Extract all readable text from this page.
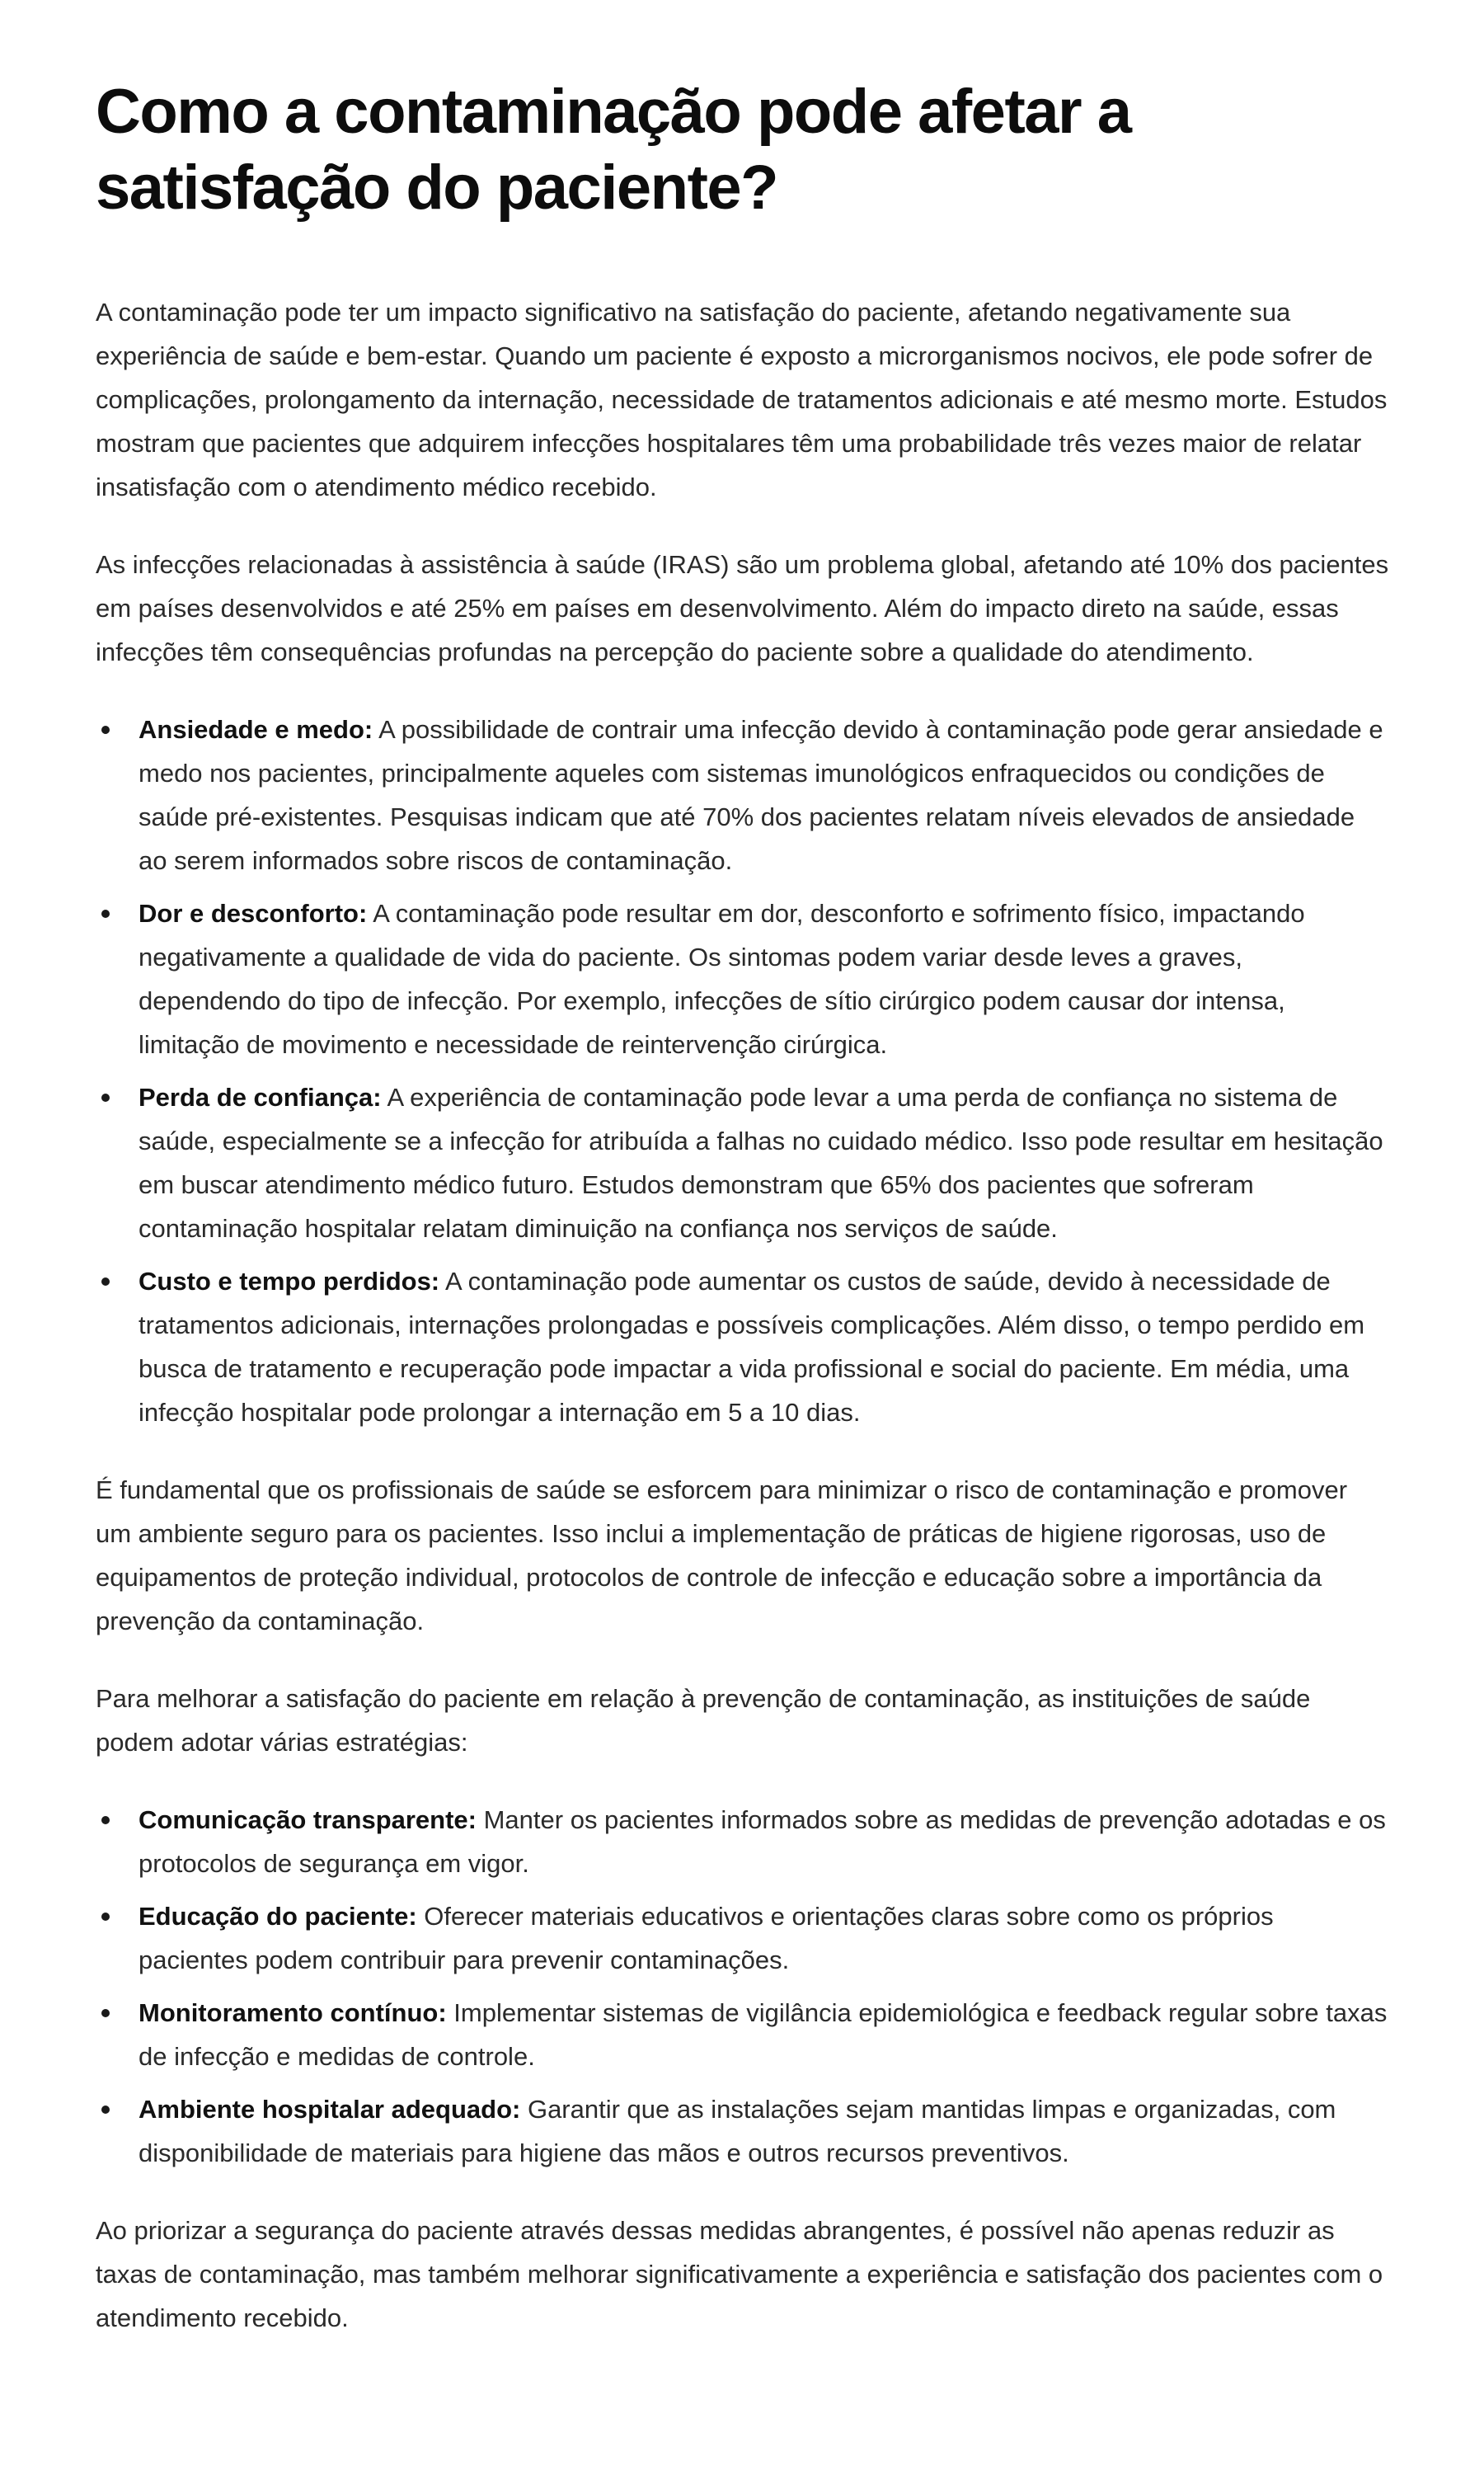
Como a contaminação pode afetar a satisfação do paciente?

A contaminação pode ter um impacto significativo na satisfação do paciente, afetando negativamente sua experiência de saúde e bem-estar. Quando um paciente é exposto a microrganismos nocivos, ele pode sofrer de complicações, prolongamento da internação, necessidade de tratamentos adicionais e até mesmo morte. Estudos mostram que pacientes que adquirem infecções hospitalares têm uma probabilidade três vezes maior de relatar insatisfação com o atendimento médico recebido.

As infecções relacionadas à assistência à saúde (IRAS) são um problema global, afetando até 10% dos pacientes em países desenvolvidos e até 25% em países em desenvolvimento. Além do impacto direto na saúde, essas infecções têm consequências profundas na percepção do paciente sobre a qualidade do atendimento.

Ansiedade e medo: A possibilidade de contrair uma infecção devido à contaminação pode gerar ansiedade e medo nos pacientes, principalmente aqueles com sistemas imunológicos enfraquecidos ou condições de saúde pré-existentes. Pesquisas indicam que até 70% dos pacientes relatam níveis elevados de ansiedade ao serem informados sobre riscos de contaminação.
Dor e desconforto: A contaminação pode resultar em dor, desconforto e sofrimento físico, impactando negativamente a qualidade de vida do paciente. Os sintomas podem variar desde leves a graves, dependendo do tipo de infecção. Por exemplo, infecções de sítio cirúrgico podem causar dor intensa, limitação de movimento e necessidade de reintervenção cirúrgica.
Perda de confiança: A experiência de contaminação pode levar a uma perda de confiança no sistema de saúde, especialmente se a infecção for atribuída a falhas no cuidado médico. Isso pode resultar em hesitação em buscar atendimento médico futuro. Estudos demonstram que 65% dos pacientes que sofreram contaminação hospitalar relatam diminuição na confiança nos serviços de saúde.
Custo e tempo perdidos: A contaminação pode aumentar os custos de saúde, devido à necessidade de tratamentos adicionais, internações prolongadas e possíveis complicações. Além disso, o tempo perdido em busca de tratamento e recuperação pode impactar a vida profissional e social do paciente. Em média, uma infecção hospitalar pode prolongar a internação em 5 a 10 dias.

É fundamental que os profissionais de saúde se esforcem para minimizar o risco de contaminação e promover um ambiente seguro para os pacientes. Isso inclui a implementação de práticas de higiene rigorosas, uso de equipamentos de proteção individual, protocolos de controle de infecção e educação sobre a importância da prevenção da contaminação.

Para melhorar a satisfação do paciente em relação à prevenção de contaminação, as instituições de saúde podem adotar várias estratégias:

Comunicação transparente: Manter os pacientes informados sobre as medidas de prevenção adotadas e os protocolos de segurança em vigor.
Educação do paciente: Oferecer materiais educativos e orientações claras sobre como os próprios pacientes podem contribuir para prevenir contaminações.
Monitoramento contínuo: Implementar sistemas de vigilância epidemiológica e feedback regular sobre taxas de infecção e medidas de controle.
Ambiente hospitalar adequado: Garantir que as instalações sejam mantidas limpas e organizadas, com disponibilidade de materiais para higiene das mãos e outros recursos preventivos.

Ao priorizar a segurança do paciente através dessas medidas abrangentes, é possível não apenas reduzir as taxas de contaminação, mas também melhorar significativamente a experiência e satisfação dos pacientes com o atendimento recebido.
